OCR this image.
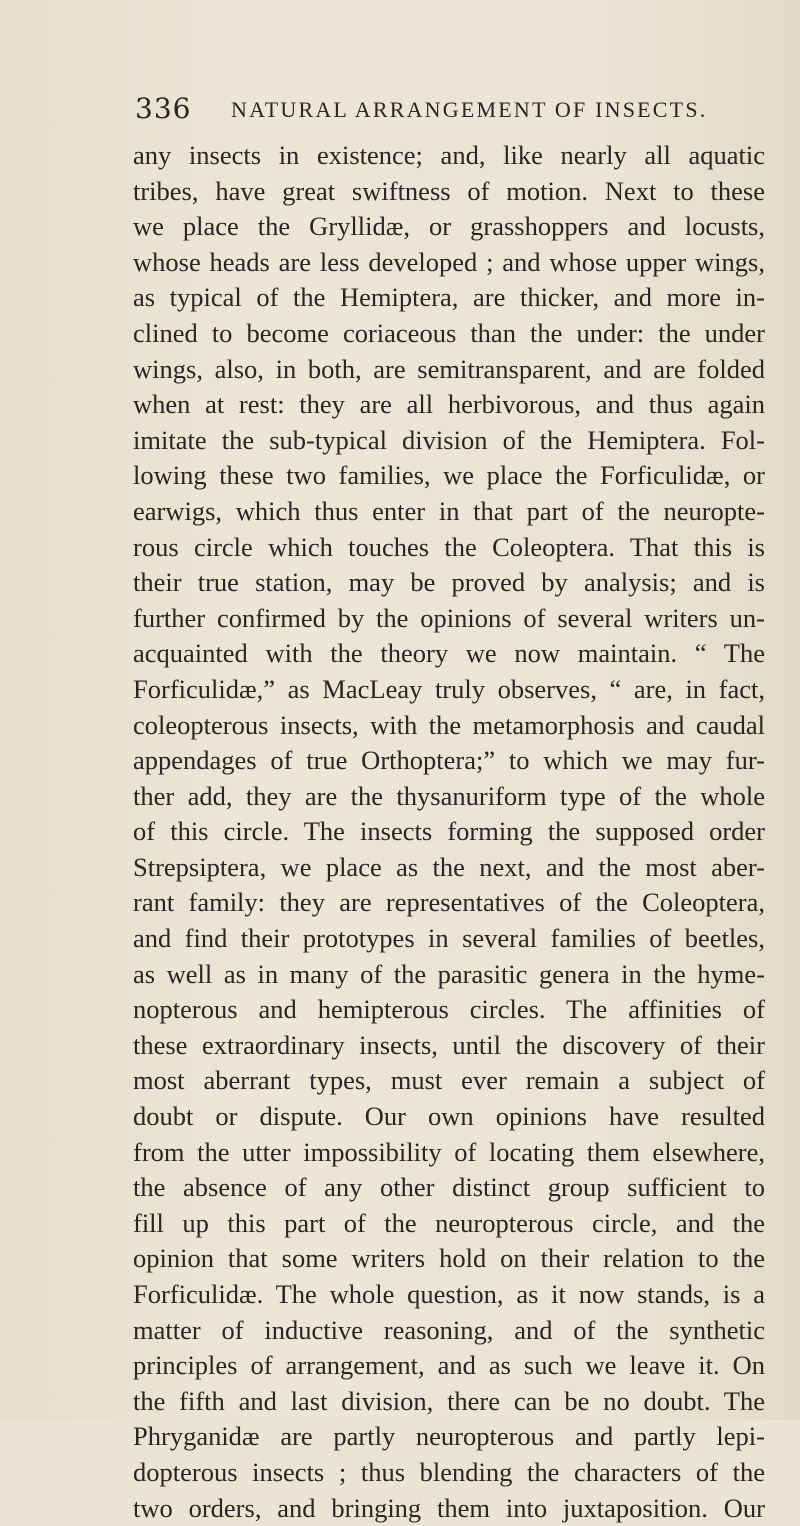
336 NATURAL ARRANGEMENT OF INSECTS.
any insects in existence; and, like nearly all aquatic
tribes, have great swiftness of motion. Next to these
we place the Gryllidæ, or grasshoppers and locusts,
whose heads are less developed ; and whose upper wings,
as typical of the Hemiptera, are thicker, and more in-
clined to become coriaceous than the under: the under
wings, also, in both, are semitransparent, and are folded
when at rest: they are all herbivorous, and thus again
imitate the sub-typical division of the Hemiptera. Fol-
lowing these two families, we place the Forficulidæ, or
earwigs, which thus enter in that part of the neuropte-
rous circle which touches the Coleoptera. That this is
their true station, may be proved by analysis; and is
further confirmed by the opinions of several writers un-
acquainted with the theory we now maintain. “ The
Forficulidæ,” as MacLeay truly observes, “ are, in fact,
coleopterous insects, with the metamorphosis and caudal
appendages of true Orthoptera;” to which we may fur-
ther add, they are the thysanuriform type of the whole
of this circle. The insects forming the supposed order
Strepsiptera, we place as the next, and the most aber-
rant family: they are representatives of the Coleoptera,
and find their prototypes in several families of beetles,
as well as in many of the parasitic genera in the hyme-
nopterous and hemipterous circles. The affinities of
these extraordinary insects, until the discovery of their
most aberrant types, must ever remain a subject of
doubt or dispute. Our own opinions have resulted
from the utter impossibility of locating them elsewhere,
the absence of any other distinct group sufficient to
fill up this part of the neuropterous circle, and the
opinion that some writers hold on their relation to the
Forficulidæ. The whole question, as it now stands, is a
matter of inductive reasoning, and of the synthetic
principles of arrangement, and as such we leave it. On
the fifth and last division, there can be no doubt. The
Phryganidæ are partly neuropterous and partly lepi-
dopterous insects ; thus blending the characters of the
two orders, and bringing them into juxtaposition. Our
